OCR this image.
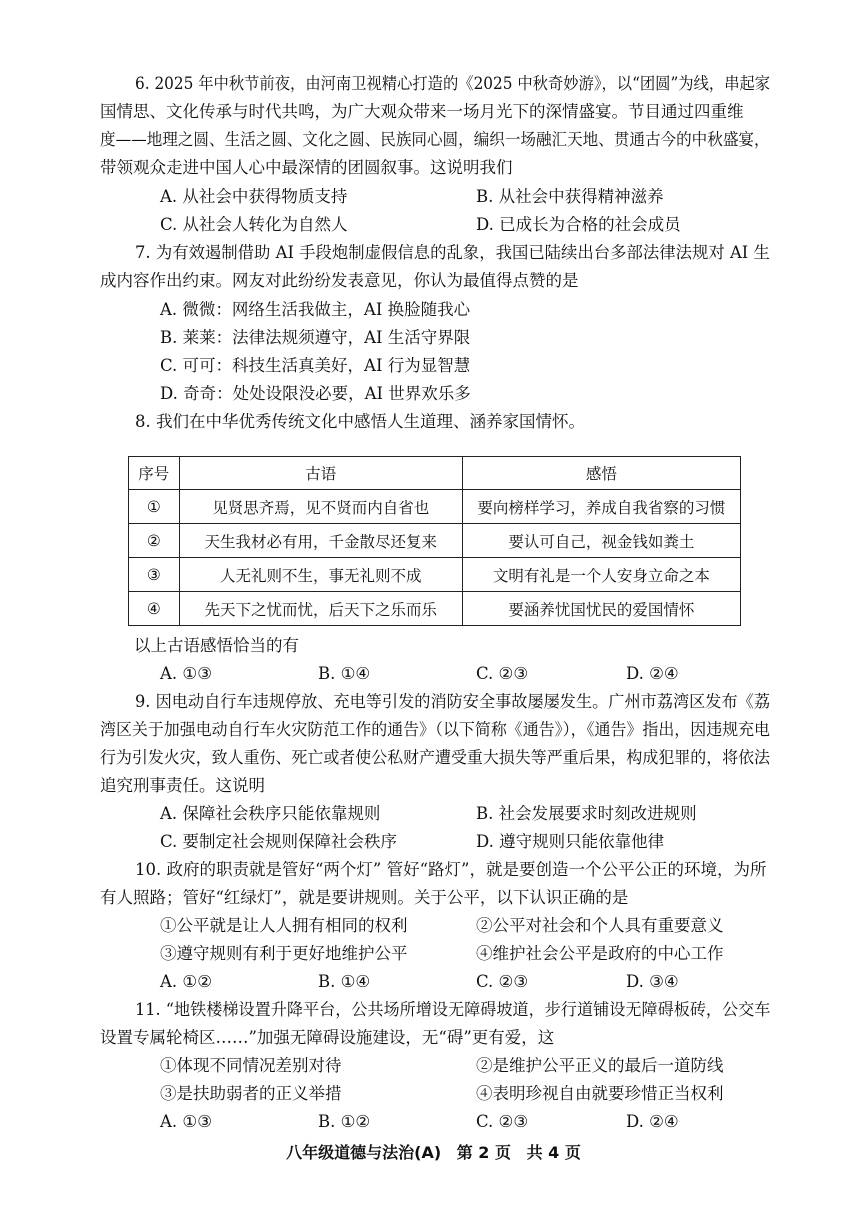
6. 2025 年中秋节前夜，由河南卫视精心打造的《2025 中秋奇妙游》，以“团圆”为线，串起家
国情思、文化传承与时代共鸣，为广大观众带来一场月光下的深情盛宴。节目通过四重维
度——地理之圆、生活之圆、文化之圆、民族同心圆，编织一场融汇天地、贯通古今的中秋盛宴，
带领观众走进中国人心中最深情的团圆叙事。这说明我们
A. 从社会中获得物质支持	B. 从社会中获得精神滋养
C. 从社会人转化为自然人	D. 已成长为合格的社会成员
7. 为有效遏制借助 AI 手段炮制虚假信息的乱象，我国已陆续出台多部法律法规对 AI 生
成内容作出约束。网友对此纷纷发表意见，你认为最值得点赞的是
A. 微微：网络生活我做主，AI 换脸随我心
B. 莱莱：法律法规须遵守，AI 生活守界限
C. 可可：科技生活真美好，AI 行为显智慧
D. 奇奇：处处设限没必要，AI 世界欢乐多
8. 我们在中华优秀传统文化中感悟人生道理、涵养家国情怀。
序号	古语	感悟
①	见贤思齐焉，见不贤而内自省也	要向榜样学习，养成自我省察的习惯
②	天生我材必有用，千金散尽还复来	要认可自己，视金钱如粪土
③	人无礼则不生，事无礼则不成	文明有礼是一个人安身立命之本
④	先天下之忧而忧，后天下之乐而乐	要涵养忧国忧民的爱国情怀
以上古语感悟恰当的有
A. ①③	B. ①④	C. ②③	D. ②④
9. 因电动自行车违规停放、充电等引发的消防安全事故屡屡发生。广州市荔湾区发布《荔
湾区关于加强电动自行车火灾防范工作的通告》（以下简称《通告》），《通告》指出，因违规充电
行为引发火灾，致人重伤、死亡或者使公私财产遭受重大损失等严重后果，构成犯罪的，将依法
追究刑事责任。这说明
A. 保障社会秩序只能依靠规则	B. 社会发展要求时刻改进规则
C. 要制定社会规则保障社会秩序	D. 遵守规则只能依靠他律
10. 政府的职责就是管好“两个灯” 管好“路灯”，就是要创造一个公平公正的环境，为所
有人照路；管好“红绿灯”，就是要讲规则。关于公平，以下认识正确的是
①公平就是让人人拥有相同的权利	②公平对社会和个人具有重要意义
③遵守规则有利于更好地维护公平	④维护社会公平是政府的中心工作
A. ①②	B. ①④	C. ②③	D. ③④
11. “地铁楼梯设置升降平台，公共场所增设无障碍坡道，步行道铺设无障碍板砖，公交车
设置专属轮椅区……”加强无障碍设施建设，无“碍”更有爱，这
①体现不同情况差别对待	②是维护公平正义的最后一道防线
③是扶助弱者的正义举措	④表明珍视自由就要珍惜正当权利
A. ①③	B. ①②	C. ②③	D. ②④
八年级道德与法治(A) 第 2 页 共 4 页
